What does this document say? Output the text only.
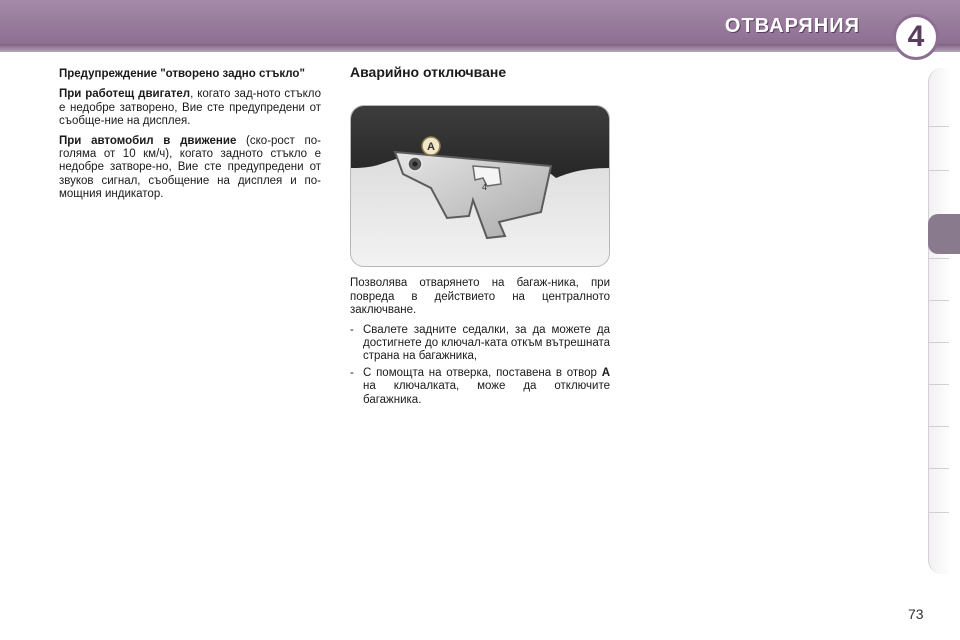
ОТВАРЯНИЯ	4
Предупреждение "отворено задно стъкло"

При работещ двигател, когато зад-ното стъкло е недобре затворено, Вие сте предупредени от съобще-ние на дисплея.

При автомобил в движение (ско-рост по-голяма от 10 км/ч), когато задното стъкло е недобре затворе-но, Вие сте предупредени от звуков сигнал, съобщение на дисплея и по-мощния индикатор.

Аварийно отключване
4
A

Позволява отварянето на багаж-ника, при повреда в действието на централното заключване.

- Свалете задните седалки, за да можете да достигнете до ключал-ката откъм вътрешната страна на багажника,
- С помощта на отверка, поставена в отвор A на ключалката, може да отключите багажника.
73
